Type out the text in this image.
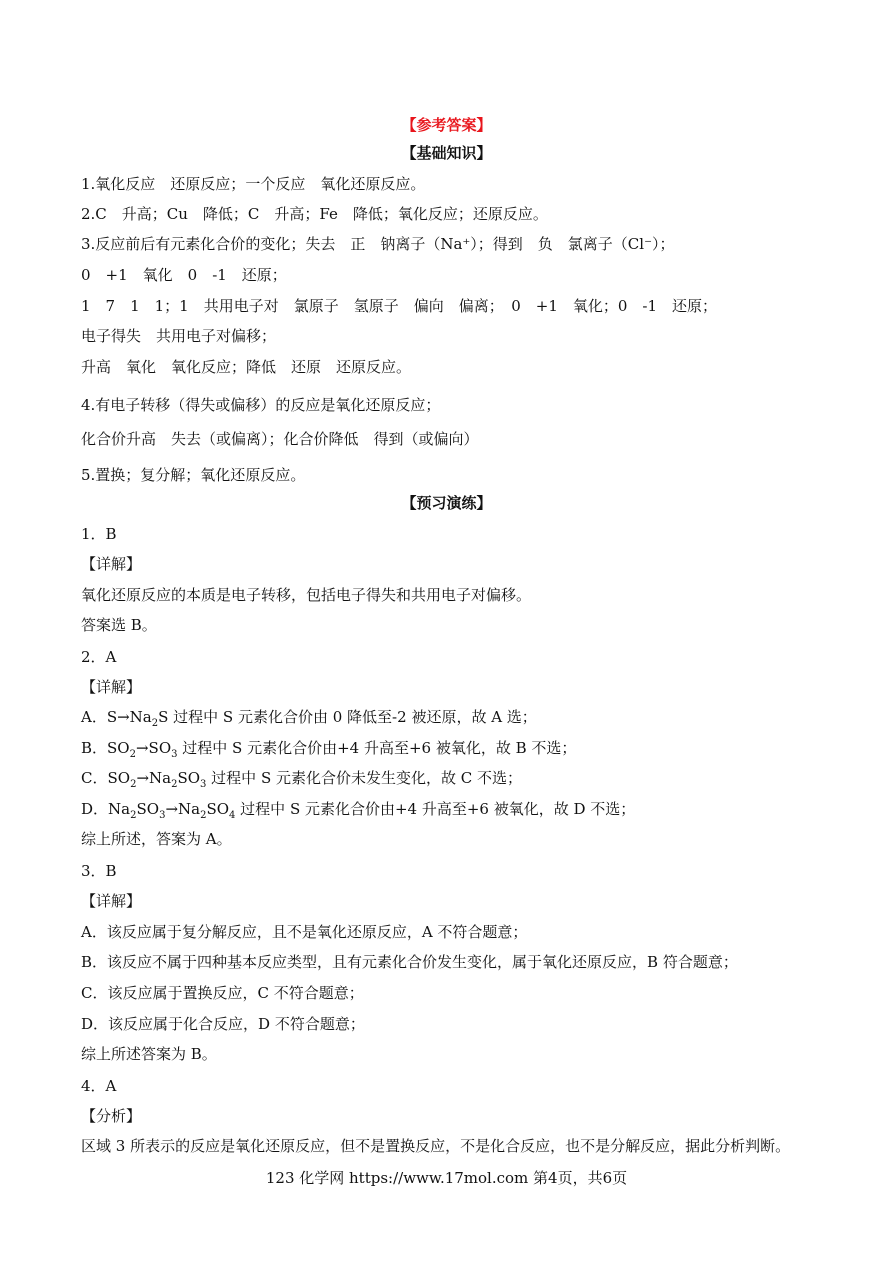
【参考答案】
【基础知识】
1.氧化反应　还原反应；一个反应　氧化还原反应。
2.C　升高；Cu　降低；C　升高；Fe　降低；氧化反应；还原反应。
3.反应前后有元素化合价的变化；失去　正　钠离子（Na⁺）；得到　负　氯离子（Cl⁻）；
0　+1　氧化　0　-1　还原；
1　7　1　1；1　共用电子对　氯原子　氢原子　偏向　偏离；　0　+1　氧化；0　-1　还原；
电子得失　共用电子对偏移；
升高　氧化　氧化反应；降低　还原　还原反应。
4.有电子转移（得失或偏移）的反应是氧化还原反应；
化合价升高　失去（或偏离）；化合价降低　得到（或偏向）
5.置换；复分解；氧化还原反应。
【预习演练】
1．B
【详解】
氧化还原反应的本质是电子转移，包括电子得失和共用电子对偏移。
答案选 B。
2．A
【详解】
A．$S\to Na_2S$ 过程中 S 元素化合价由 0 降低至-2 被还原，故 A 选；
B．$SO_2\to SO_3$ 过程中 S 元素化合价由+4 升高至+6 被氧化，故 B 不选；
C．$SO_2\to Na_2SO_3$ 过程中 S 元素化合价未发生变化，故 C 不选；
D．$Na_2SO_3\to Na_2SO_4$ 过程中 S 元素化合价由+4 升高至+6 被氧化，故 D 不选；
综上所述，答案为 A。
3．B
【详解】
A．该反应属于复分解反应，且不是氧化还原反应，A 不符合题意；
B．该反应不属于四种基本反应类型，且有元素化合价发生变化，属于氧化还原反应，B 符合题意；
C．该反应属于置换反应，C 不符合题意；
D．该反应属于化合反应，D 不符合题意；
综上所述答案为 B。
4．A
【分析】
区域 3 所表示的反应是氧化还原反应，但不是置换反应，不是化合反应，也不是分解反应，据此分析判断。
123 化学网 https://www.17mol.com 第4页，共6页
